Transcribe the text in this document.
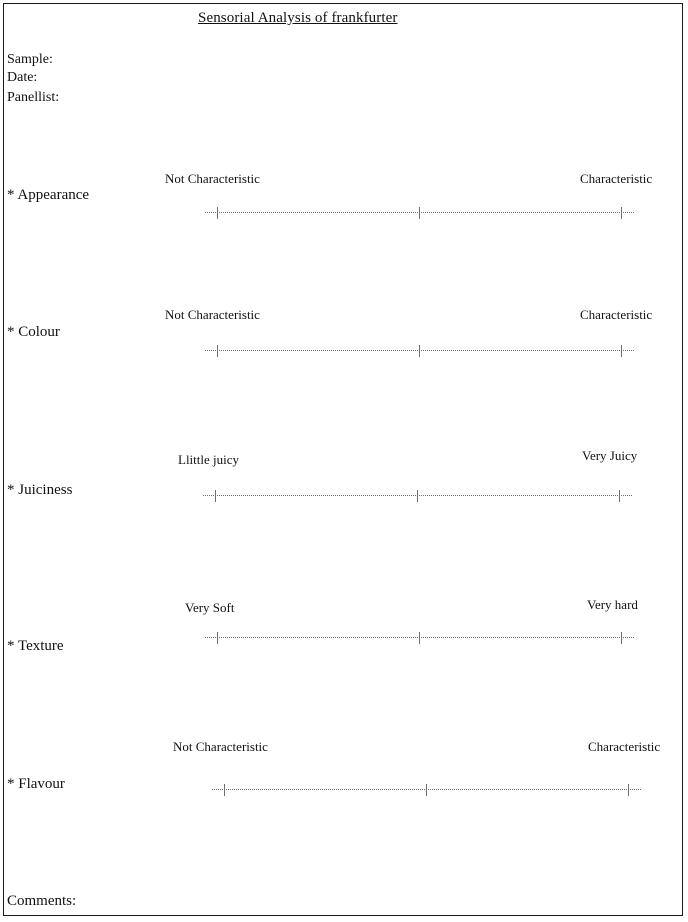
Sensorial Analysis of frankfurter
Sample:
Date:
Panellist:
Not Characteristic	Characteristic
* Appearance
Not Characteristic	Characteristic
* Colour
Llittle juicy	Very Juicy
* Juiciness
Very Soft	Very hard
* Texture
Not Characteristic	Characteristic
* Flavour
Comments:
